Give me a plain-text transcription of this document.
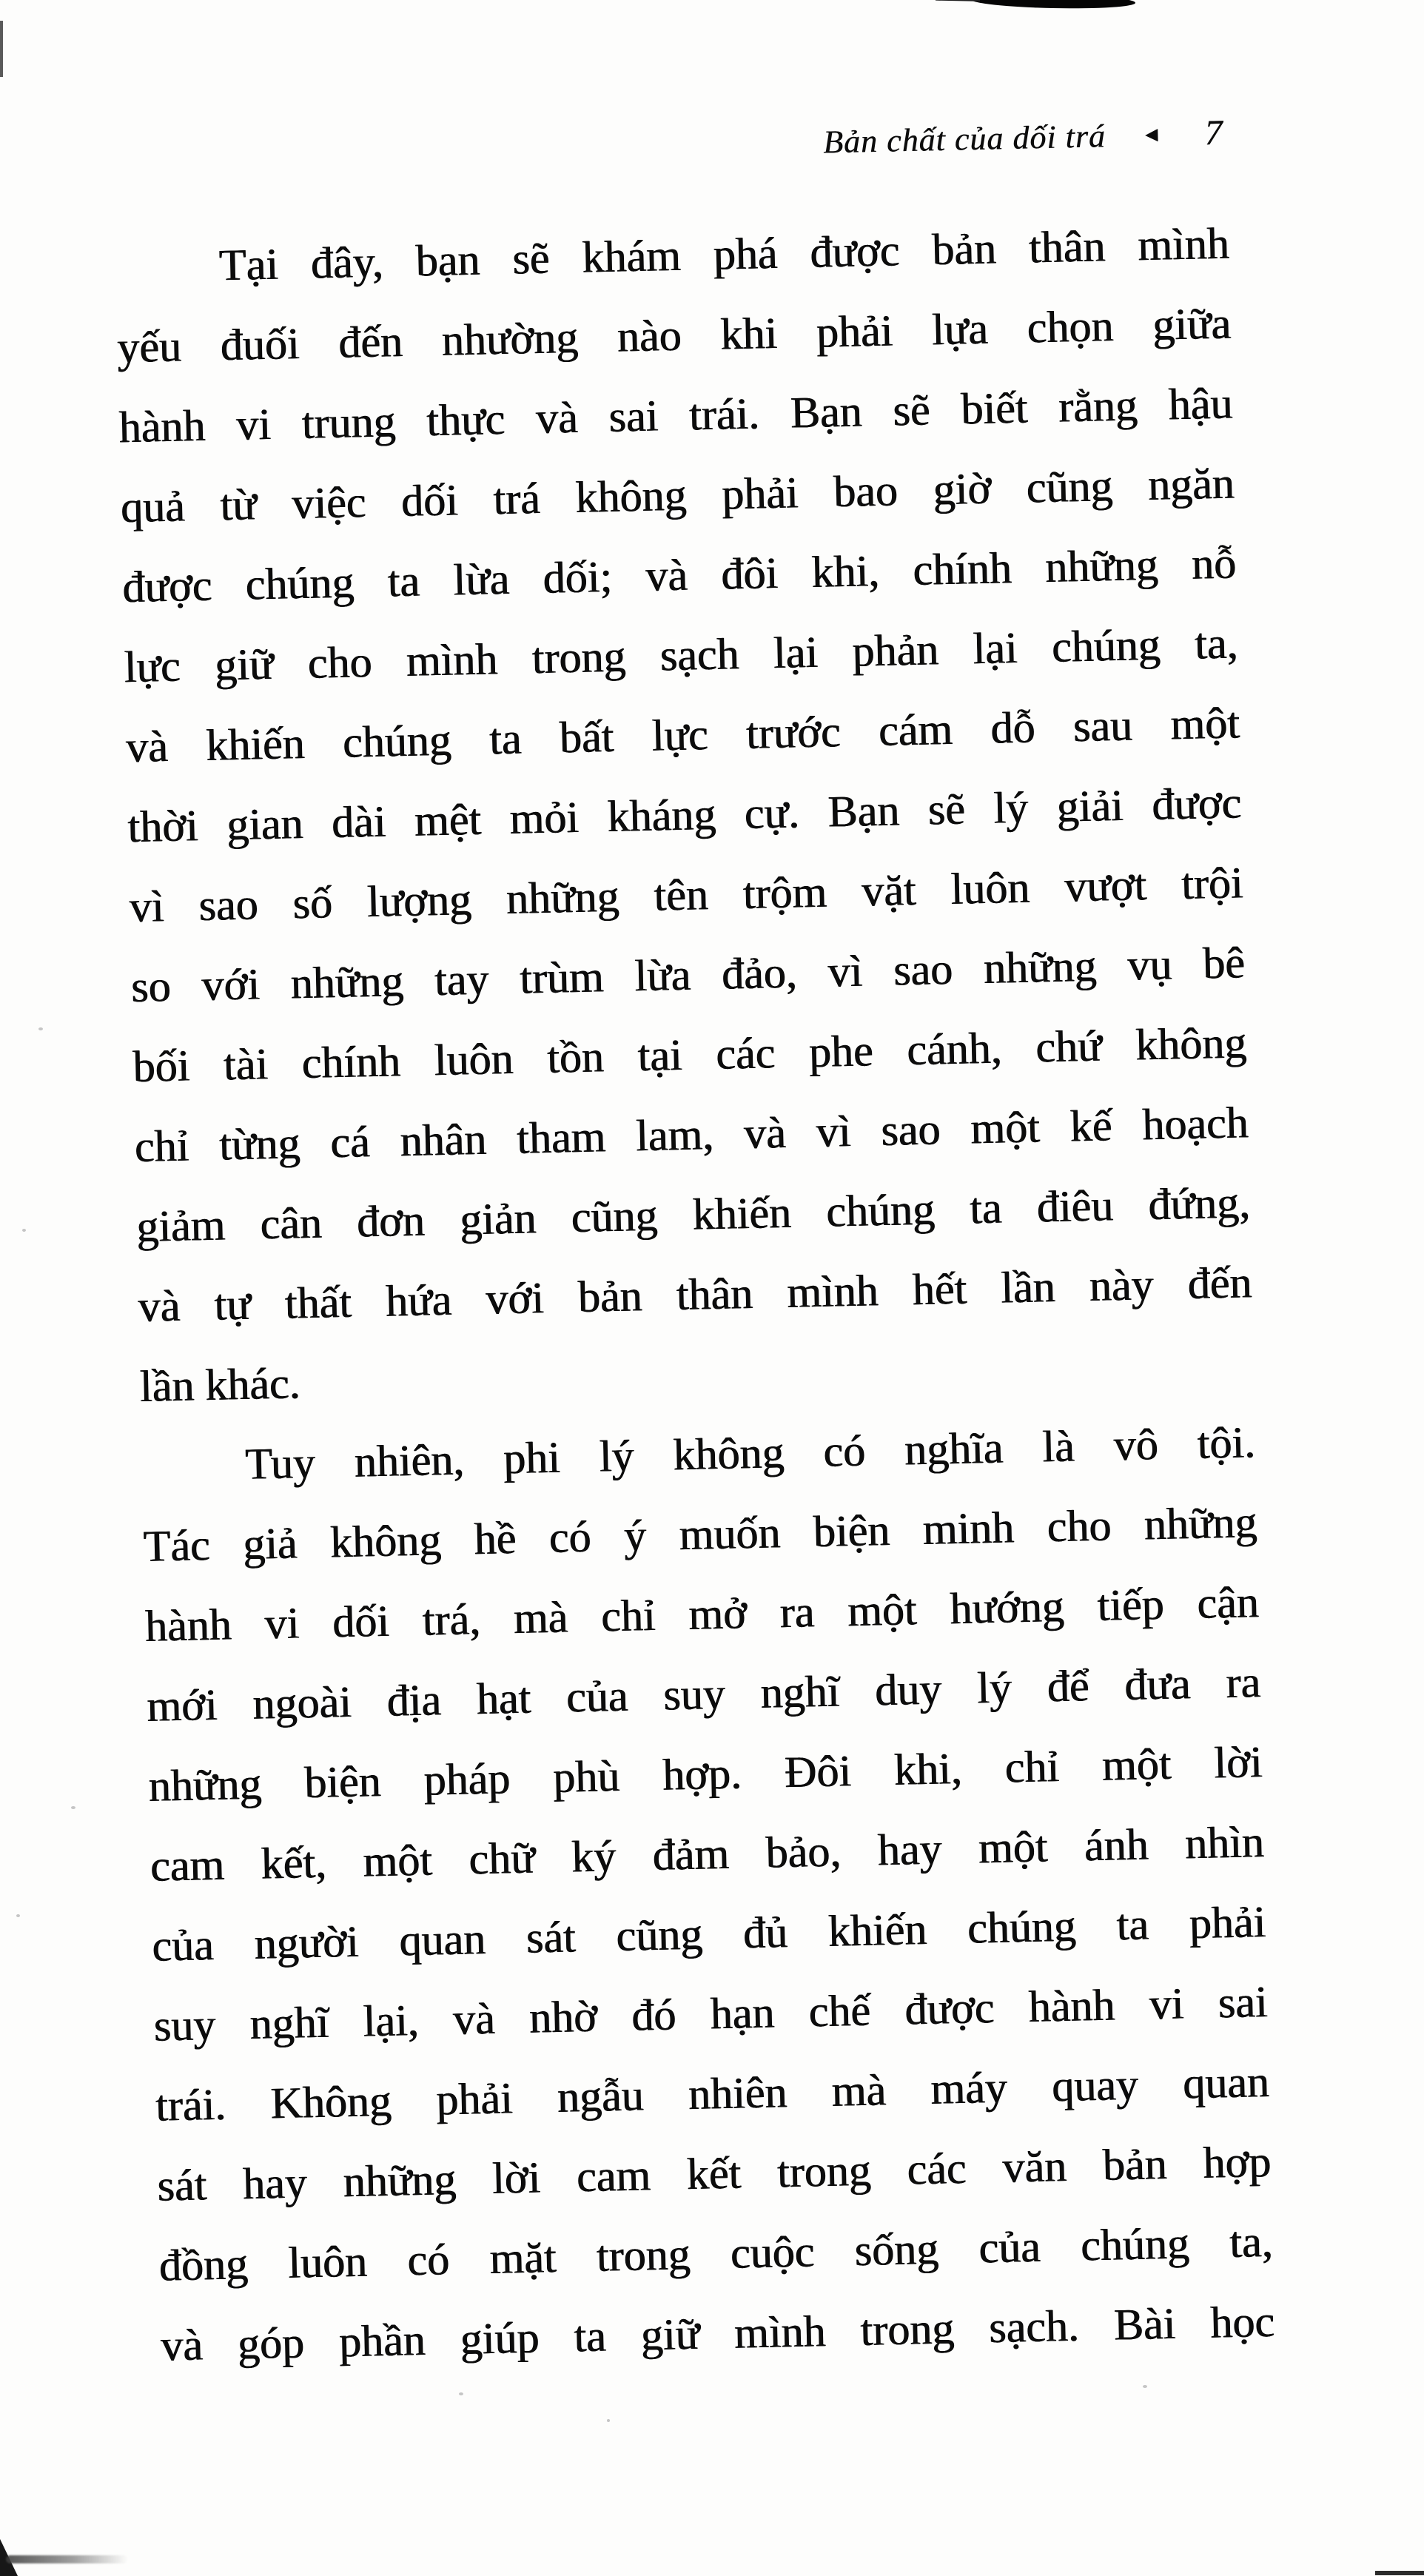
Bản chất của dối trá ◄ 7
Tại đây, bạn sẽ khám phá được bản thân mình
yếu đuối đến nhường nào khi phải lựa chọn giữa
hành vi trung thực và sai trái. Bạn sẽ biết rằng hậu
quả từ việc dối trá không phải bao giờ cũng ngăn
được chúng ta lừa dối; và đôi khi, chính những nỗ
lực giữ cho mình trong sạch lại phản lại chúng ta,
và khiến chúng ta bất lực trước cám dỗ sau một
thời gian dài mệt mỏi kháng cự. Bạn sẽ lý giải được
vì sao số lượng những tên trộm vặt luôn vượt trội
so với những tay trùm lừa đảo, vì sao những vụ bê
bối tài chính luôn tồn tại các phe cánh, chứ không
chỉ từng cá nhân tham lam, và vì sao một kế hoạch
giảm cân đơn giản cũng khiến chúng ta điêu đứng,
và tự thất hứa với bản thân mình hết lần này đến
lần khác.
Tuy nhiên, phi lý không có nghĩa là vô tội.
Tác giả không hề có ý muốn biện minh cho những
hành vi dối trá, mà chỉ mở ra một hướng tiếp cận
mới ngoài địa hạt của suy nghĩ duy lý để đưa ra
những biện pháp phù hợp. Đôi khi, chỉ một lời
cam kết, một chữ ký đảm bảo, hay một ánh nhìn
của người quan sát cũng đủ khiến chúng ta phải
suy nghĩ lại, và nhờ đó hạn chế được hành vi sai
trái. Không phải ngẫu nhiên mà máy quay quan
sát hay những lời cam kết trong các văn bản hợp
đồng luôn có mặt trong cuộc sống của chúng ta,
và góp phần giúp ta giữ mình trong sạch. Bài học
